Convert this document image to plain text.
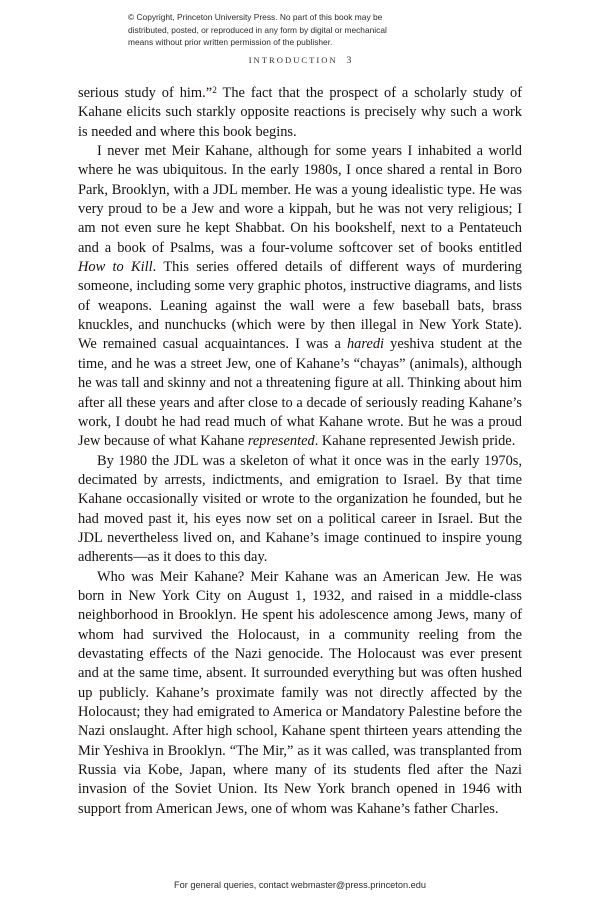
© Copyright, Princeton University Press. No part of this book may be
distributed, posted, or reproduced in any form by digital or mechanical
means without prior written permission of the publisher.
INTRODUCTION 3

serious study of him.”$^2$ The fact that the prospect of a scholarly study of Kahane elicits such starkly opposite reactions is precisely why such a work is needed and where this book begins.

I never met Meir Kahane, although for some years I inhabited a world where he was ubiquitous. In the early 1980s, I once shared a rental in Boro Park, Brooklyn, with a JDL member. He was a young idealistic type. He was very proud to be a Jew and wore a kippah, but he was not very religious; I am not even sure he kept Shabbat. On his bookshelf, next to a Pentateuch and a book of Psalms, was a four-volume softcover set of books entitled How to Kill. This series offered details of different ways of murdering someone, including some very graphic photos, instructive diagrams, and lists of weapons. Leaning against the wall were a few baseball bats, brass knuckles, and nunchucks (which were by then illegal in New York State). We remained casual acquaintances. I was a haredi yeshiva student at the time, and he was a street Jew, one of Kahane’s “chayas” (animals), although he was tall and skinny and not a threatening figure at all. Thinking about him after all these years and after close to a decade of seriously reading Kahane’s work, I doubt he had read much of what Kahane wrote. But he was a proud Jew because of what Kahane represented. Kahane represented Jewish pride.

By 1980 the JDL was a skeleton of what it once was in the early 1970s, decimated by arrests, indictments, and emigration to Israel. By that time Kahane occasionally visited or wrote to the organization he founded, but he had moved past it, his eyes now set on a political career in Israel. But the JDL nevertheless lived on, and Kahane’s image continued to inspire young adherents—as it does to this day.

Who was Meir Kahane? Meir Kahane was an American Jew. He was born in New York City on August 1, 1932, and raised in a middle-class neighborhood in Brooklyn. He spent his adolescence among Jews, many of whom had survived the Holocaust, in a community reeling from the devastating effects of the Nazi genocide. The Holocaust was ever present and at the same time, absent. It surrounded everything but was often hushed up publicly. Kahane’s proximate family was not directly affected by the Holocaust; they had emigrated to America or Mandatory Palestine before the Nazi onslaught. After high school, Kahane spent thirteen years attending the Mir Yeshiva in Brooklyn. “The Mir,” as it was called, was transplanted from Russia via Kobe, Japan, where many of its students fled after the Nazi invasion of the Soviet Union. Its New York branch opened in 1946 with support from American Jews, one of whom was Kahane’s father Charles.

For general queries, contact webmaster@press.princeton.edu
